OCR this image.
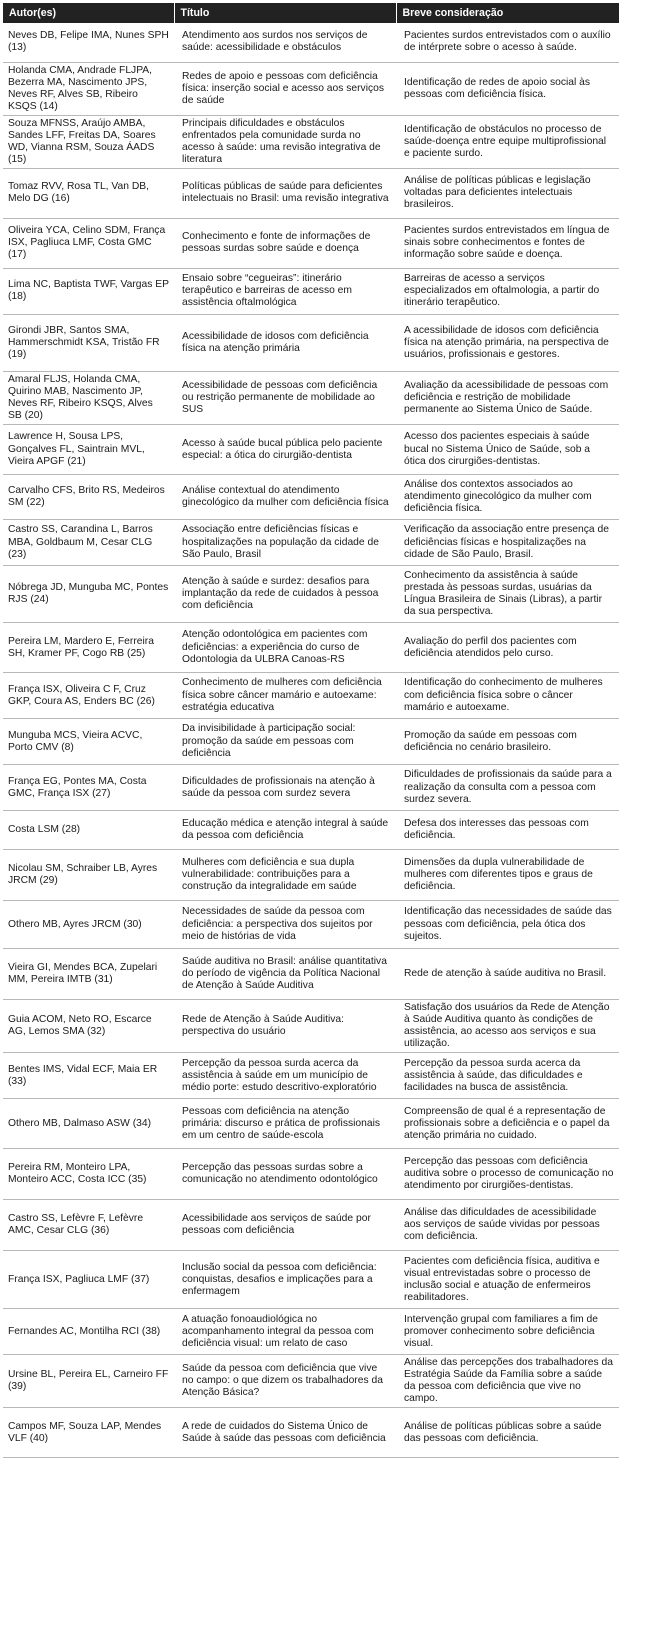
Autor(es)	Título	Breve consideração
Neves DB, Felipe IMA, Nunes SPH (13)	Atendimento aos surdos nos serviços de saúde: acessibilidade e obstáculos	Pacientes surdos entrevistados com o auxílio de intérprete sobre o acesso à saúde.
Holanda CMA, Andrade FLJPA, Bezerra MA, Nascimento JPS, Neves RF, Alves SB, Ribeiro KSQS (14)	Redes de apoio e pessoas com deficiência física: inserção social e acesso aos serviços de saúde	Identificação de redes de apoio social às pessoas com deficiência física.
Souza MFNSS, Araújo AMBA, Sandes LFF, Freitas DA, Soares WD, Vianna RSM, Souza ÁADS (15)	Principais dificuldades e obstáculos enfrentados pela comunidade surda no acesso à saúde: uma revisão integrativa de literatura	Identificação de obstáculos no processo de saúde-doença entre equipe multiprofissional e paciente surdo.
Tomaz RVV, Rosa TL, Van DB, Melo DG (16)	Políticas públicas de saúde para deficientes intelectuais no Brasil: uma revisão integrativa	Análise de políticas públicas e legislação voltadas para deficientes intelectuais brasileiros.
Oliveira YCA, Celino SDM, França ISX, Pagliuca LMF, Costa GMC (17)	Conhecimento e fonte de informações de pessoas surdas sobre saúde e doença	Pacientes surdos entrevistados em língua de sinais sobre conhecimentos e fontes de informação sobre saúde e doença.
Lima NC, Baptista TWF, Vargas EP (18)	Ensaio sobre “cegueiras”: itinerário terapêutico e barreiras de acesso em assistência oftalmológica	Barreiras de acesso a serviços especializados em oftalmologia, a partir do itinerário terapêutico.
Girondi JBR, Santos SMA, Hammerschmidt KSA, Tristão FR (19)	Acessibilidade de idosos com deficiência física na atenção primária	A acessibilidade de idosos com deficiência física na atenção primária, na perspectiva de usuários, profissionais e gestores.
Amaral FLJS, Holanda CMA, Quirino MAB, Nascimento JP, Neves RF, Ribeiro KSQS, Alves SB (20)	Acessibilidade de pessoas com deficiência ou restrição permanente de mobilidade ao SUS	Avaliação da acessibilidade de pessoas com deficiência e restrição de mobilidade permanente ao Sistema Único de Saúde.
Lawrence H, Sousa LPS, Gonçalves FL, Saintrain MVL, Vieira APGF (21)	Acesso à saúde bucal pública pelo paciente especial: a ótica do cirurgião-dentista	Acesso dos pacientes especiais à saúde bucal no Sistema Único de Saúde, sob a ótica dos cirurgiões-dentistas.
Carvalho CFS, Brito RS, Medeiros SM (22)	Análise contextual do atendimento ginecológico da mulher com deficiência física	Análise dos contextos associados ao atendimento ginecológico da mulher com deficiência física.
Castro SS, Carandina L, Barros MBA, Goldbaum M, Cesar CLG (23)	Associação entre deficiências físicas e hospitalizações na população da cidade de São Paulo, Brasil	Verificação da associação entre presença de deficiências físicas e hospitalizações na cidade de São Paulo, Brasil.
Nóbrega JD, Munguba MC, Pontes RJS (24)	Atenção à saúde e surdez: desafios para implantação da rede de cuidados à pessoa com deficiência	Conhecimento da assistência à saúde prestada às pessoas surdas, usuárias da Língua Brasileira de Sinais (Libras), a partir da sua perspectiva.
Pereira LM, Mardero E, Ferreira SH, Kramer PF, Cogo RB (25)	Atenção odontológica em pacientes com deficiências: a experiência do curso de Odontologia da ULBRA Canoas-RS	Avaliação do perfil dos pacientes com deficiência atendidos pelo curso.
França ISX, Oliveira C F, Cruz GKP, Coura AS, Enders BC (26)	Conhecimento de mulheres com deficiência física sobre câncer mamário e autoexame: estratégia educativa	Identificação do conhecimento de mulheres com deficiência física sobre o câncer mamário e autoexame.
Munguba MCS, Vieira ACVC, Porto CMV (8)	Da invisibilidade à participação social: promoção da saúde em pessoas com deficiência	Promoção da saúde em pessoas com deficiência no cenário brasileiro.
França EG, Pontes MA, Costa GMC, França ISX (27)	Dificuldades de profissionais na atenção à saúde da pessoa com surdez severa	Dificuldades de profissionais da saúde para a realização da consulta com a pessoa com surdez severa.
Costa LSM (28)	Educação médica e atenção integral à saúde da pessoa com deficiência	Defesa dos interesses das pessoas com deficiência.
Nicolau SM, Schraiber LB, Ayres JRCM (29)	Mulheres com deficiência e sua dupla vulnerabilidade: contribuições para a construção da integralidade em saúde	Dimensões da dupla vulnerabilidade de mulheres com diferentes tipos e graus de deficiência.
Othero MB, Ayres JRCM (30)	Necessidades de saúde da pessoa com deficiência: a perspectiva dos sujeitos por meio de histórias de vida	Identificação das necessidades de saúde das pessoas com deficiência, pela ótica dos sujeitos.
Vieira GI, Mendes BCA, Zupelari MM, Pereira IMTB (31)	Saúde auditiva no Brasil: análise quantitativa do período de vigência da Política Nacional de Atenção à Saúde Auditiva	Rede de atenção à saúde auditiva no Brasil.
Guia ACOM, Neto RO, Escarce AG, Lemos SMA (32)	Rede de Atenção à Saúde Auditiva: perspectiva do usuário	Satisfação dos usuários da Rede de Atenção à Saúde Auditiva quanto às condições de assistência, ao acesso aos serviços e sua utilização.
Bentes IMS, Vidal ECF, Maia ER (33)	Percepção da pessoa surda acerca da assistência à saúde em um município de médio porte: estudo descritivo-exploratório	Percepção da pessoa surda acerca da assistência à saúde, das dificuldades e facilidades na busca de assistência.
Othero MB, Dalmaso ASW (34)	Pessoas com deficiência na atenção primária: discurso e prática de profissionais em um centro de saúde-escola	Compreensão de qual é a representação de profissionais sobre a deficiência e o papel da atenção primária no cuidado.
Pereira RM, Monteiro LPA, Monteiro ACC, Costa ICC (35)	Percepção das pessoas surdas sobre a comunicação no atendimento odontológico	Percepção das pessoas com deficiência auditiva sobre o processo de comunicação no atendimento por cirurgiões-dentistas.
Castro SS, Lefèvre F, Lefèvre AMC, Cesar CLG (36)	Acessibilidade aos serviços de saúde por pessoas com deficiência	Análise das dificuldades de acessibilidade aos serviços de saúde vividas por pessoas com deficiência.
França ISX, Pagliuca LMF (37)	Inclusão social da pessoa com deficiência: conquistas, desafios e implicações para a enfermagem	Pacientes com deficiência física, auditiva e visual entrevistadas sobre o processo de inclusão social e atuação de enfermeiros reabilitadores.
Fernandes AC, Montilha RCI (38)	A atuação fonoaudiológica no acompanhamento integral da pessoa com deficiência visual: um relato de caso	Intervenção grupal com familiares a fim de promover conhecimento sobre deficiência visual.
Ursine BL, Pereira EL, Carneiro FF (39)	Saúde da pessoa com deficiência que vive no campo: o que dizem os trabalhadores da Atenção Básica?	Análise das percepções dos trabalhadores da Estratégia Saúde da Família sobre a saúde da pessoa com deficiência que vive no campo.
Campos MF, Souza LAP, Mendes VLF (40)	A rede de cuidados do Sistema Único de Saúde à saúde das pessoas com deficiência	Análise de políticas públicas sobre a saúde das pessoas com deficiência.
